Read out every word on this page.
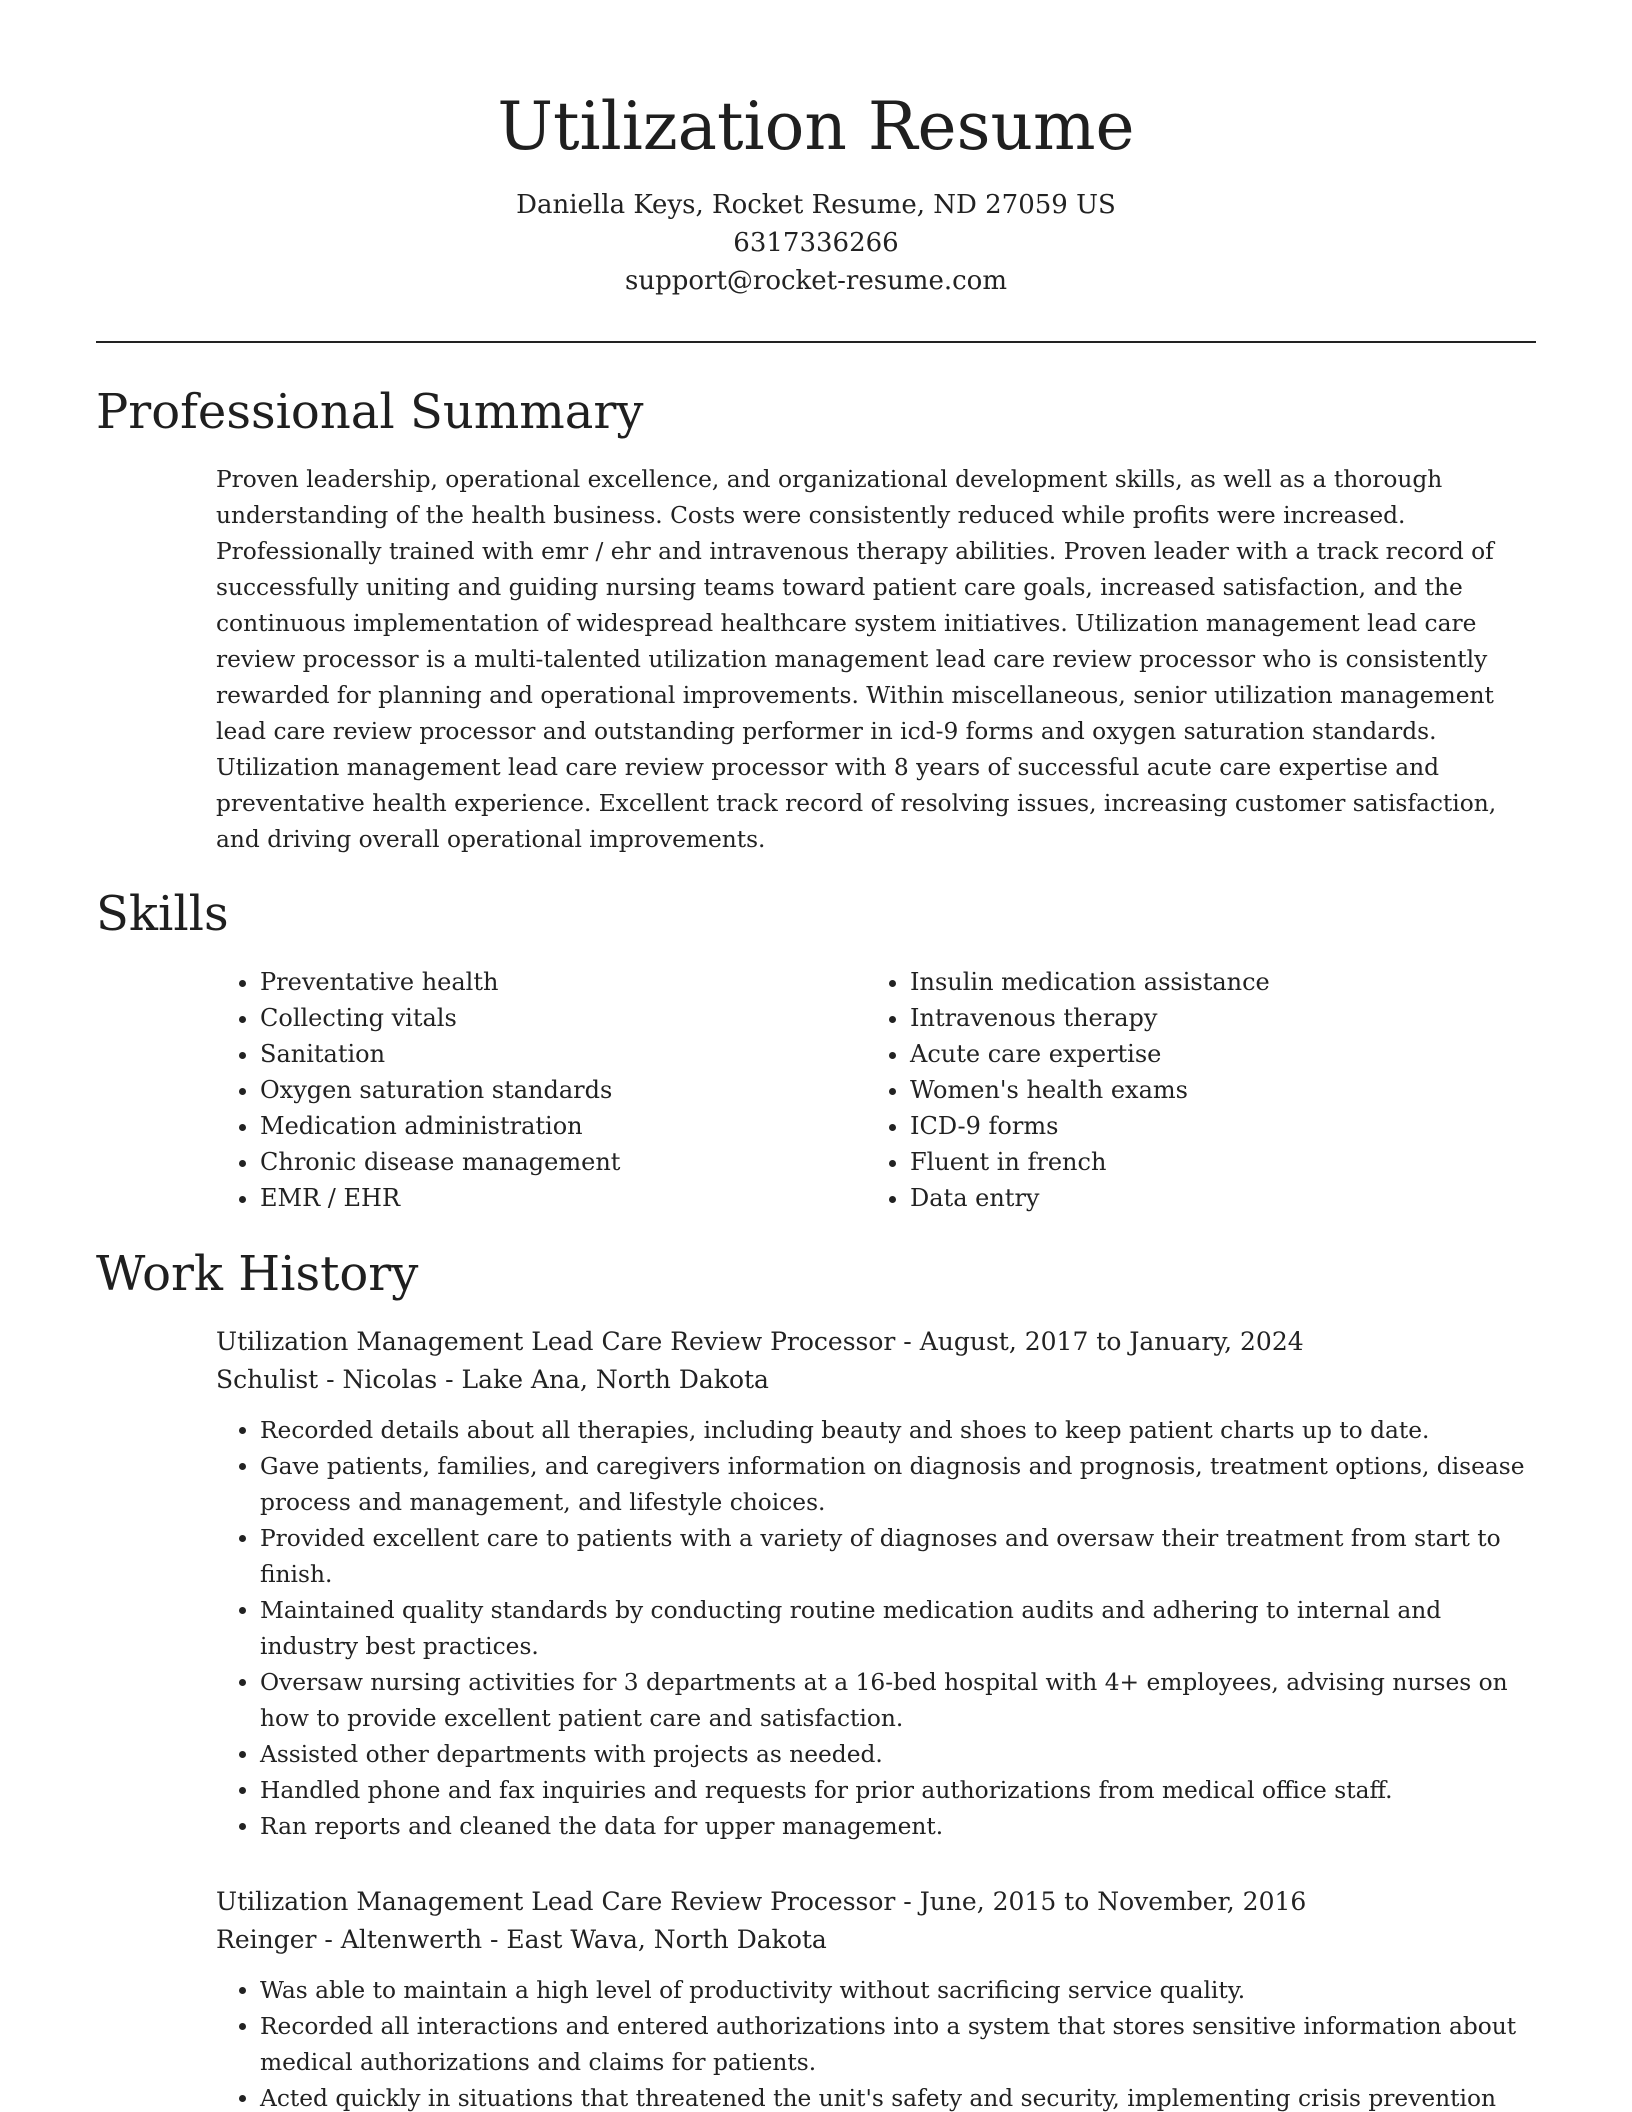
Utilization Resume

Daniella Keys, Rocket Resume, ND 27059 US

6317336266

support@rocket-resume.com

Professional Summary

Proven leadership, operational excellence, and organizational development skills, as well as a thorough understanding of the health business. Costs were consistently reduced while profits were increased. Professionally trained with emr / ehr and intravenous therapy abilities. Proven leader with a track record of successfully uniting and guiding nursing teams toward patient care goals, increased satisfaction, and the continuous implementation of widespread healthcare system initiatives. Utilization management lead care review processor is a multi-talented utilization management lead care review processor who is consistently rewarded for planning and operational improvements. Within miscellaneous, senior utilization management lead care review processor and outstanding performer in icd-9 forms and oxygen saturation standards. Utilization management lead care review processor with 8 years of successful acute care expertise and preventative health experience. Excellent track record of resolving issues, increasing customer satisfaction, and driving overall operational improvements.

Skills
• Preventative health
• Collecting vitals
• Sanitation
• Oxygen saturation standards
• Medication administration
• Chronic disease management
• EMR / EHR
• Insulin medication assistance
• Intravenous therapy
• Acute care expertise
• Women's health exams
• ICD-9 forms
• Fluent in french
• Data entry
Work History

Utilization Management Lead Care Review Processor - August, 2017 to January, 2024

Schulist - Nicolas - Lake Ana, North Dakota

• Recorded details about all therapies, including beauty and shoes to keep patient charts up to date.
• Gave patients, families, and caregivers information on diagnosis and prognosis, treatment options, disease process and management, and lifestyle choices.
• Provided excellent care to patients with a variety of diagnoses and oversaw their treatment from start to finish.
• Maintained quality standards by conducting routine medication audits and adhering to internal and industry best practices.
• Oversaw nursing activities for 3 departments at a 16-bed hospital with 4+ employees, advising nurses on how to provide excellent patient care and satisfaction.
• Assisted other departments with projects as needed.
• Handled phone and fax inquiries and requests for prior authorizations from medical office staff.
• Ran reports and cleaned the data for upper management.

Utilization Management Lead Care Review Processor - June, 2015 to November, 2016

Reinger - Altenwerth - East Wava, North Dakota

• Was able to maintain a high level of productivity without sacrificing service quality.
• Recorded all interactions and entered authorizations into a system that stores sensitive information about medical authorizations and claims for patients.
• Acted quickly in situations that threatened the unit's safety and security, implementing crisis prevention
